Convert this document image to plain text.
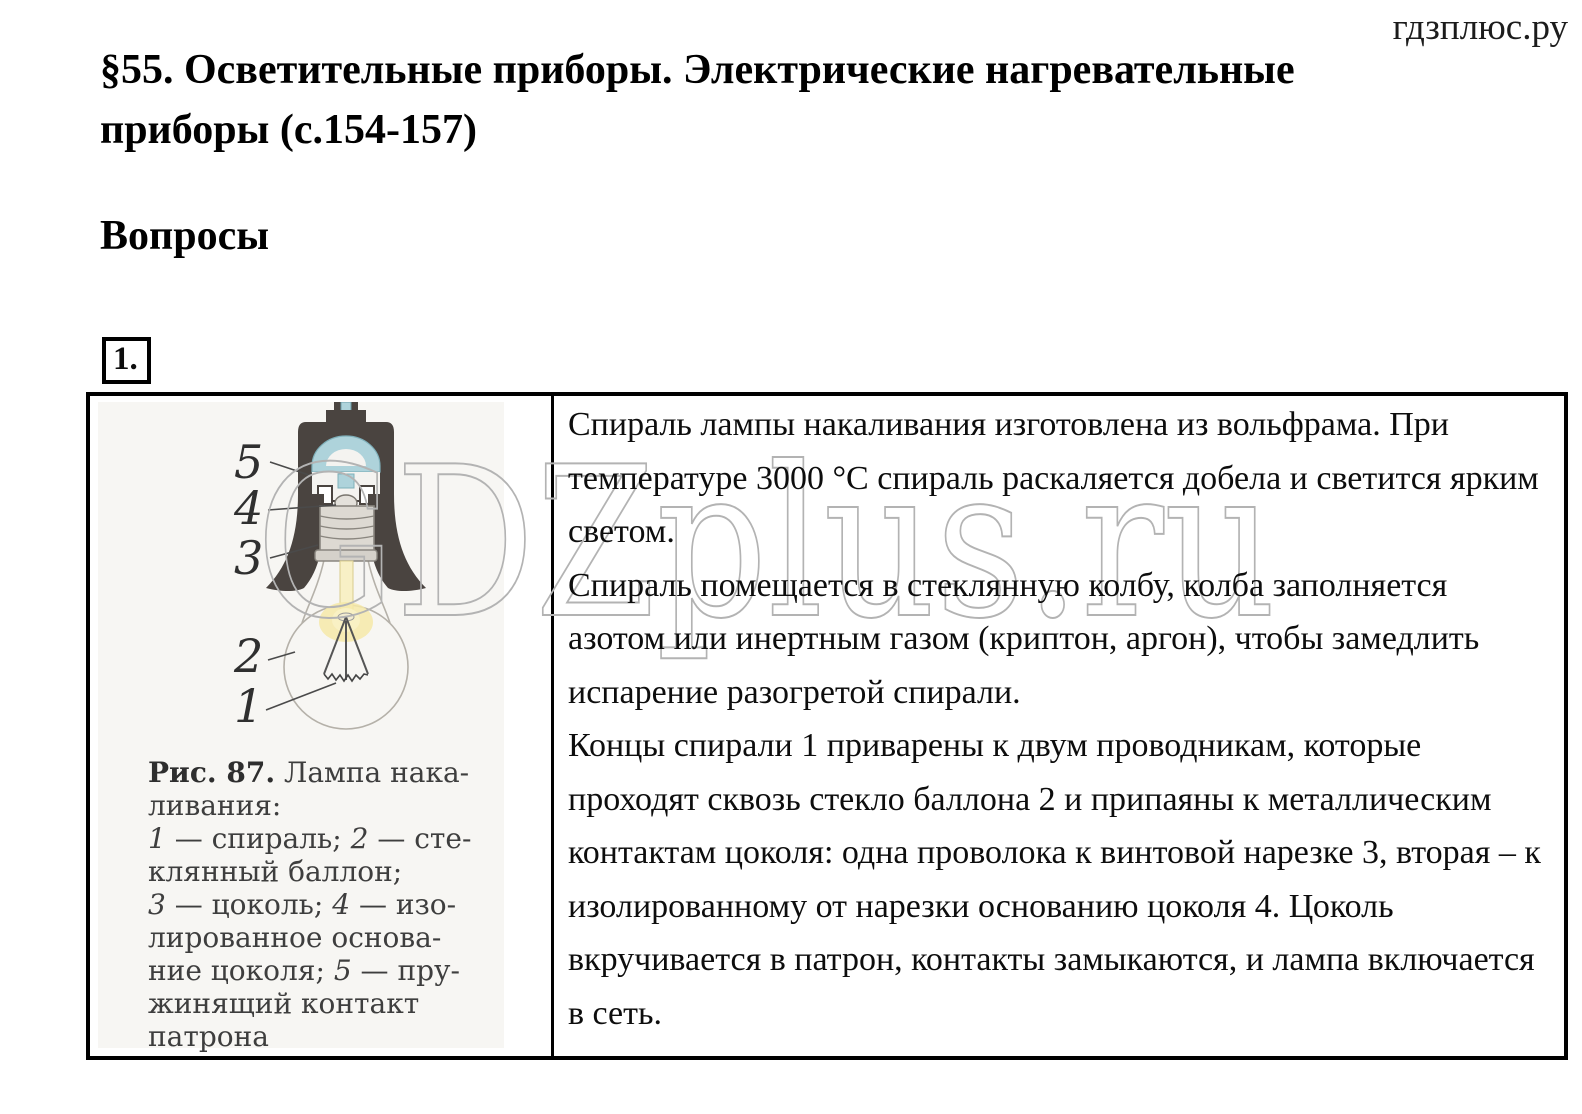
гдзплюс.ру
§55. Осветительные приборы. Электрические нагревательные приборы (с.154-157)
Вопросы
1.
5
4
3
2
1
Рис. 87. Лампа нака-
ливания:
1 — спираль; 2 — сте-
клянный баллон;
3 — цоколь; 4 — изо-
лированное основа-
ние цоколя; 5 — пру-
жинящий контакт
патрона

Спираль лампы накаливания изготовлена из вольфрама. При температуре 3000 °С спираль раскаляется добела и светится ярким светом.

Спираль помещается в стеклянную колбу, колба заполняется азотом или инертным газом (криптон, аргон), чтобы замедлить испарение разогретой спирали.

Концы спирали 1 приварены к двум проводникам, которые проходят сквозь стекло баллона 2 и припаяны к металлическим контактам цоколя: одна проволока к винтовой нарезке 3, вторая – к изолированному от нарезки основанию цоколя 4. Цоколь вкручивается в патрон, контакты замыкаются, и лампа включается в сеть.

GDZplus.ru
